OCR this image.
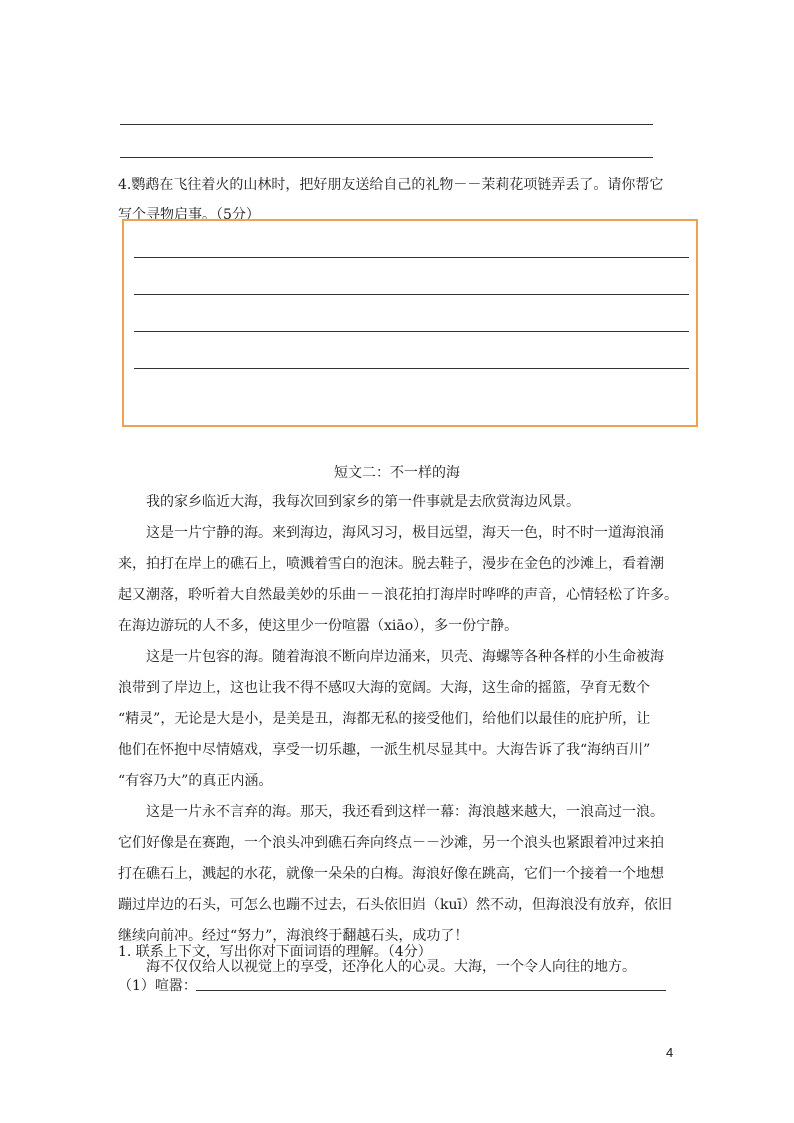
4.鹦鹉在飞往着火的山林时，把好朋友送给自己的礼物－－茉莉花项链弄丢了。请你帮它
写个寻物启事。（5分）
短文二：不一样的海
我的家乡临近大海，我每次回到家乡的第一件事就是去欣赏海边风景。
这是一片宁静的海。来到海边，海风习习，极目远望，海天一色，时不时一道海浪涌
来，拍打在岸上的礁石上，喷溅着雪白的泡沫。脱去鞋子，漫步在金色的沙滩上，看着潮
起又潮落，聆听着大自然最美妙的乐曲－－浪花拍打海岸时哗哗的声音，心情轻松了许多。
在海边游玩的人不多，使这里少一份喧嚣（xiāo），多一份宁静。
这是一片包容的海。随着海浪不断向岸边涌来，贝壳、海螺等各种各样的小生命被海
浪带到了岸边上，这也让我不得不感叹大海的宽阔。大海，这生命的摇篮，孕育无数个
“精灵”，无论是大是小，是美是丑，海都无私的接受他们，给他们以最佳的庇护所，让
他们在怀抱中尽情嬉戏，享受一切乐趣，一派生机尽显其中。大海告诉了我“海纳百川”
“有容乃大”的真正内涵。
这是一片永不言弃的海。那天，我还看到这样一幕：海浪越来越大，一浪高过一浪。
它们好像是在赛跑，一个浪头冲到礁石奔向终点－－沙滩，另一个浪头也紧跟着冲过来拍
打在礁石上，溅起的水花，就像一朵朵的白梅。海浪好像在跳高，它们一个接着一个地想
蹦过岸边的石头，可怎么也蹦不过去，石头依旧岿（kuī）然不动，但海浪没有放弃，依旧
继续向前冲。经过“努力”，海浪终于翻越石头，成功了！
海不仅仅给人以视觉上的享受，还净化人的心灵。大海，一个令人向往的地方。
1. 联系上下文，写出你对下面词语的理解。（4分）
（1）喧嚣：
4
